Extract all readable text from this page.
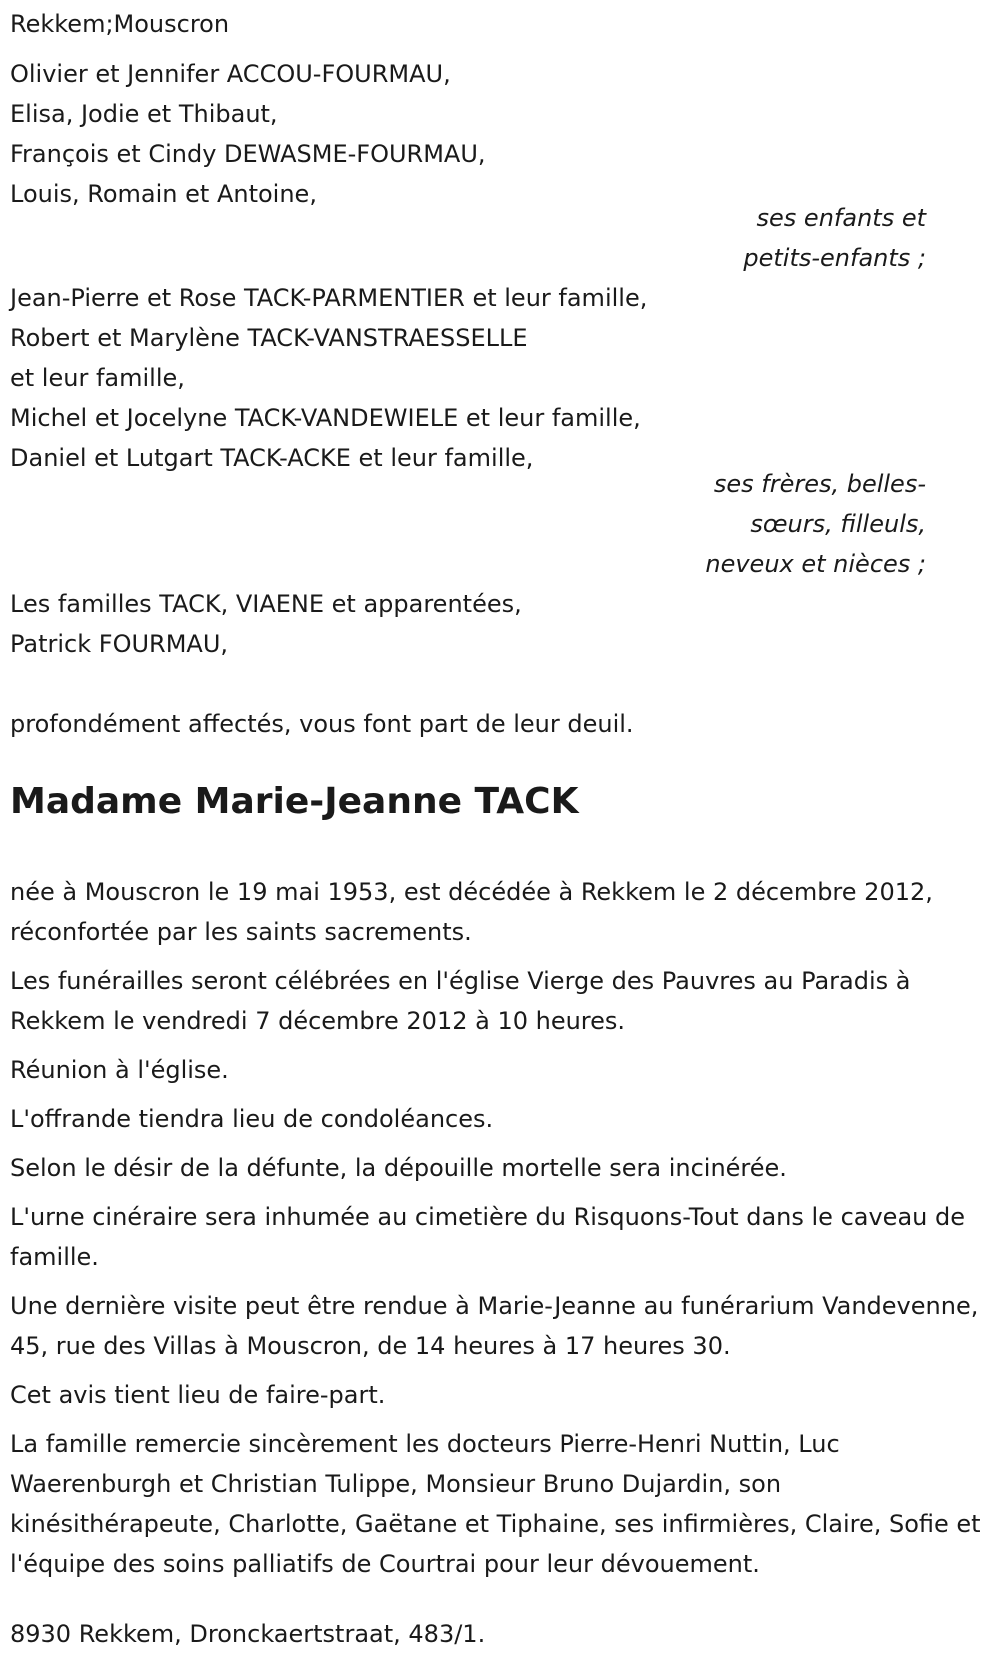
Rekkem;Mouscron
Olivier et Jennifer ACCOU-FOURMAU,
Elisa, Jodie et Thibaut,
François et Cindy DEWASME-FOURMAU,
Louis, Romain et Antoine,
ses enfants et
petits-enfants ;
Jean-Pierre et Rose TACK-PARMENTIER et leur famille,
Robert et Marylène TACK-VANSTRAESSELLE
et leur famille,
Michel et Jocelyne TACK-VANDEWIELE et leur famille,
Daniel et Lutgart TACK-ACKE et leur famille,
ses frères, belles-
sœurs, filleuls,
neveux et nièces ;
Les familles TACK, VIAENE et apparentées,
Patrick FOURMAU,
profondément affectés, vous font part de leur deuil.
Madame Marie-Jeanne TACK

née à Mouscron le 19 mai 1953, est décédée à Rekkem le 2 décembre 2012, réconfortée par les saints sacrements.

Les funérailles seront célébrées en l'église Vierge des Pauvres au Paradis à Rekkem le vendredi 7 décembre 2012 à 10 heures.

Réunion à l'église.

L'offrande tiendra lieu de condoléances.

Selon le désir de la défunte, la dépouille mortelle sera incinérée.

L'urne cinéraire sera inhumée au cimetière du Risquons-Tout dans le caveau de famille.

Une dernière visite peut être rendue à Marie-Jeanne au funérarium Vandevenne, 45, rue des Villas à Mouscron, de 14 heures à 17 heures 30.

Cet avis tient lieu de faire-part.

La famille remercie sincèrement les docteurs Pierre-Henri Nuttin, Luc Waerenburgh et Christian Tulippe, Monsieur Bruno Dujardin, son kinésithérapeute, Charlotte, Gaëtane et Tiphaine, ses infirmières, Claire, Sofie et l'équipe des soins palliatifs de Courtrai pour leur dévouement.

8930 Rekkem, Dronckaertstraat, 483/1.
